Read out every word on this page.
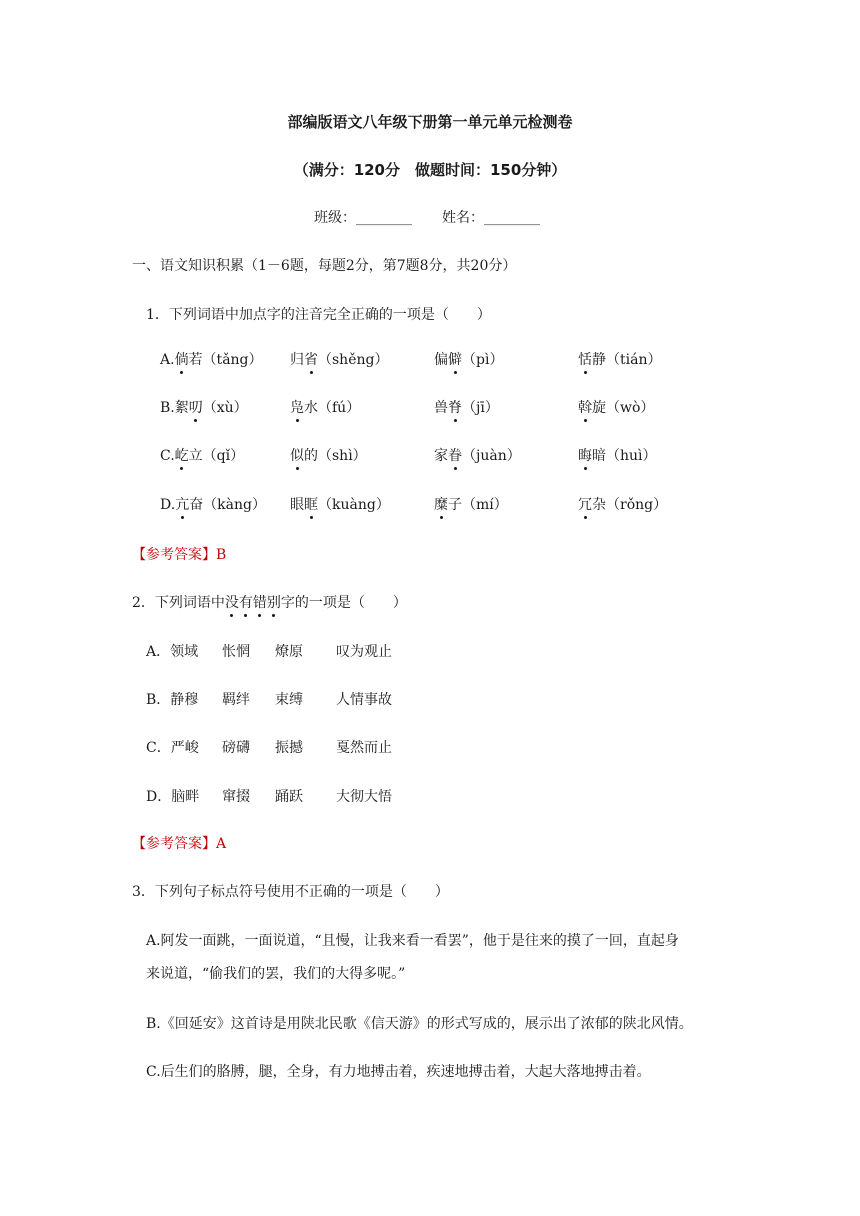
部编版语文八年级下册第一单元单元检测卷
（满分：120分　做题时间：150分钟）
班级：________ 姓名：________
一、语文知识积累（1－6题，每题2分，第7题8分，共20分）
1．下列词语中加点字的注音完全正确的一项是（　　）
A.倘若（tǎng） 归省（shěng）	偏僻（pì）	恬静（tián）
B.絮叨（xù）	凫水（fú）	兽脊（jī）	斡旋（wò）
C.屹立（qǐ）	似的（shì）	家眷（juàn）	晦暗（huì）
D.亢奋（kàng） 眼眶（kuàng）	糜子（mí）	冗杂（rǒng）
【参考答案】B
2．下列词语中没有错别字的一项是（　　）
A．领域 怅惘 燎原 叹为观止
B．静穆 羁绊 束缚 人情事故
C．严峻 磅礴 振撼 戛然而止
D．脑畔 窜掇 踊跃 大彻大悟
【参考答案】A
3．下列句子标点符号使用不正确的一项是（　　）
A.阿发一面跳，一面说道，“且慢，让我来看一看罢”，他于是往来的摸了一回，直起身
来说道，“偷我们的罢，我们的大得多呢。”
B.《回延安》这首诗是用陕北民歌《信天游》的形式写成的，展示出了浓郁的陕北风情。
C.后生们的胳膊，腿，全身，有力地搏击着，疾速地搏击着，大起大落地搏击着。
